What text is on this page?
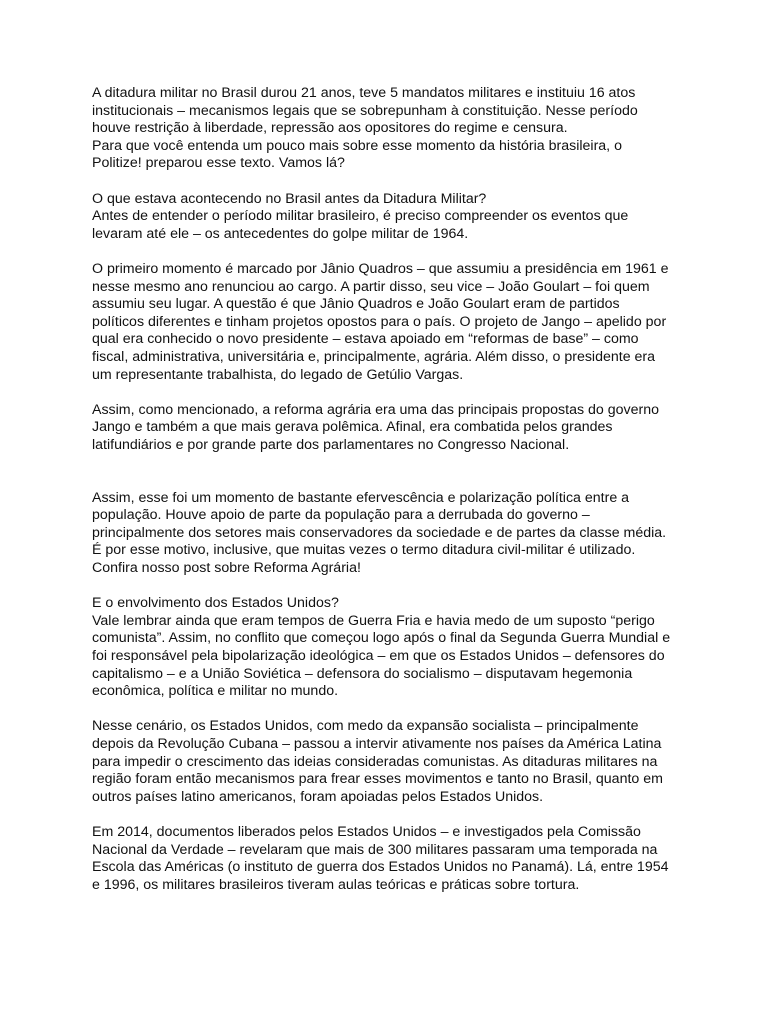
A ditadura militar no Brasil durou 21 anos, teve 5 mandatos militares e instituiu 16 atos
institucionais – mecanismos legais que se sobrepunham à constituição. Nesse período
houve restrição à liberdade, repressão aos opositores do regime e censura.
Para que você entenda um pouco mais sobre esse momento da história brasileira, o
Politize! preparou esse texto. Vamos lá?

O que estava acontecendo no Brasil antes da Ditadura Militar?
Antes de entender o período militar brasileiro, é preciso compreender os eventos que
levaram até ele – os antecedentes do golpe militar de 1964.

O primeiro momento é marcado por Jânio Quadros – que assumiu a presidência em 1961 e
nesse mesmo ano renunciou ao cargo. A partir disso, seu vice – João Goulart – foi quem
assumiu seu lugar. A questão é que Jânio Quadros e João Goulart eram de partidos
políticos diferentes e tinham projetos opostos para o país. O projeto de Jango – apelido por
qual era conhecido o novo presidente – estava apoiado em “reformas de base” – como
fiscal, administrativa, universitária e, principalmente, agrária. Além disso, o presidente era
um representante trabalhista, do legado de Getúlio Vargas.

Assim, como mencionado, a reforma agrária era uma das principais propostas do governo
Jango e também a que mais gerava polêmica. Afinal, era combatida pelos grandes
latifundiários e por grande parte dos parlamentares no Congresso Nacional.

Assim, esse foi um momento de bastante efervescência e polarização política entre a
população. Houve apoio de parte da população para a derrubada do governo –
principalmente dos setores mais conservadores da sociedade e de partes da classe média.
É por esse motivo, inclusive, que muitas vezes o termo ditadura civil-militar é utilizado.
Confira nosso post sobre Reforma Agrária!

E o envolvimento dos Estados Unidos?
Vale lembrar ainda que eram tempos de Guerra Fria e havia medo de um suposto “perigo
comunista”. Assim, no conflito que começou logo após o final da Segunda Guerra Mundial e
foi responsável pela bipolarização ideológica – em que os Estados Unidos – defensores do
capitalismo – e a União Soviética – defensora do socialismo – disputavam hegemonia
econômica, política e militar no mundo.

Nesse cenário, os Estados Unidos, com medo da expansão socialista – principalmente
depois da Revolução Cubana – passou a intervir ativamente nos países da América Latina
para impedir o crescimento das ideias consideradas comunistas. As ditaduras militares na
região foram então mecanismos para frear esses movimentos e tanto no Brasil, quanto em
outros países latino americanos, foram apoiadas pelos Estados Unidos.

Em 2014, documentos liberados pelos Estados Unidos – e investigados pela Comissão
Nacional da Verdade – revelaram que mais de 300 militares passaram uma temporada na
Escola das Américas (o instituto de guerra dos Estados Unidos no Panamá). Lá, entre 1954
e 1996, os militares brasileiros tiveram aulas teóricas e práticas sobre tortura.
